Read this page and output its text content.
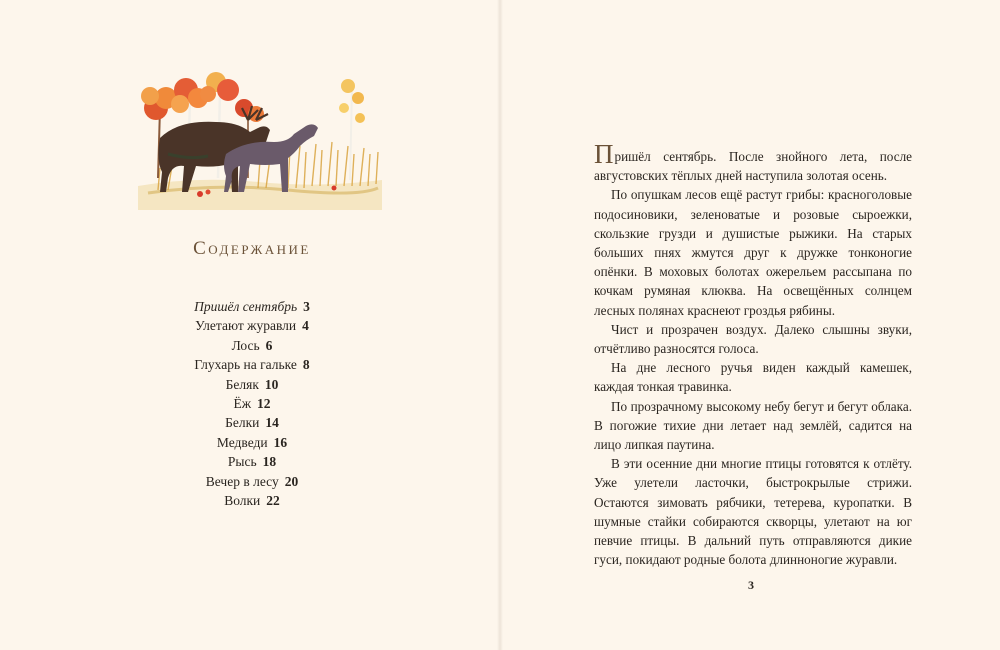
Содержание
Пришёл сентябрь 3
Улетают журавли 4
Лось 6
Глухарь на гальке 8
Беляк 10
Ёж 12
Белки 14
Медведи 16
Рысь 18
Вечер в лесу 20
Волки 22

Пришёл сентябрь. После знойного лета, после августовских тёплых дней наступила золотая осень.

По опушкам лесов ещё растут грибы: красноголовые подосиновики, зеленоватые и розовые сыроежки, скользкие грузди и душистые рыжики. На старых больших пнях жмутся друг к дружке тонконогие опёнки. В моховых болотах ожерельем рассыпана по кочкам румяная клюква. На освещённых солнцем лесных полянах краснеют гроздья рябины.

Чист и прозрачен воздух. Далеко слышны звуки, отчётливо разносятся голоса.

На дне лесного ручья виден каждый камешек, каждая тонкая травинка.

По прозрачному высокому небу бегут и бегут облака. В погожие тихие дни летает над землёй, садится на лицо липкая паутина.

В эти осенние дни многие птицы готовятся к отлёту. Уже улетели ласточки, быстрокрылые стрижи. Остаются зимовать рябчики, тетерева, куропатки. В шумные стайки собираются скворцы, улетают на юг певчие птицы. В дальний путь отправляются дикие гуси, покидают родные болота длинноногие журавли.

3
